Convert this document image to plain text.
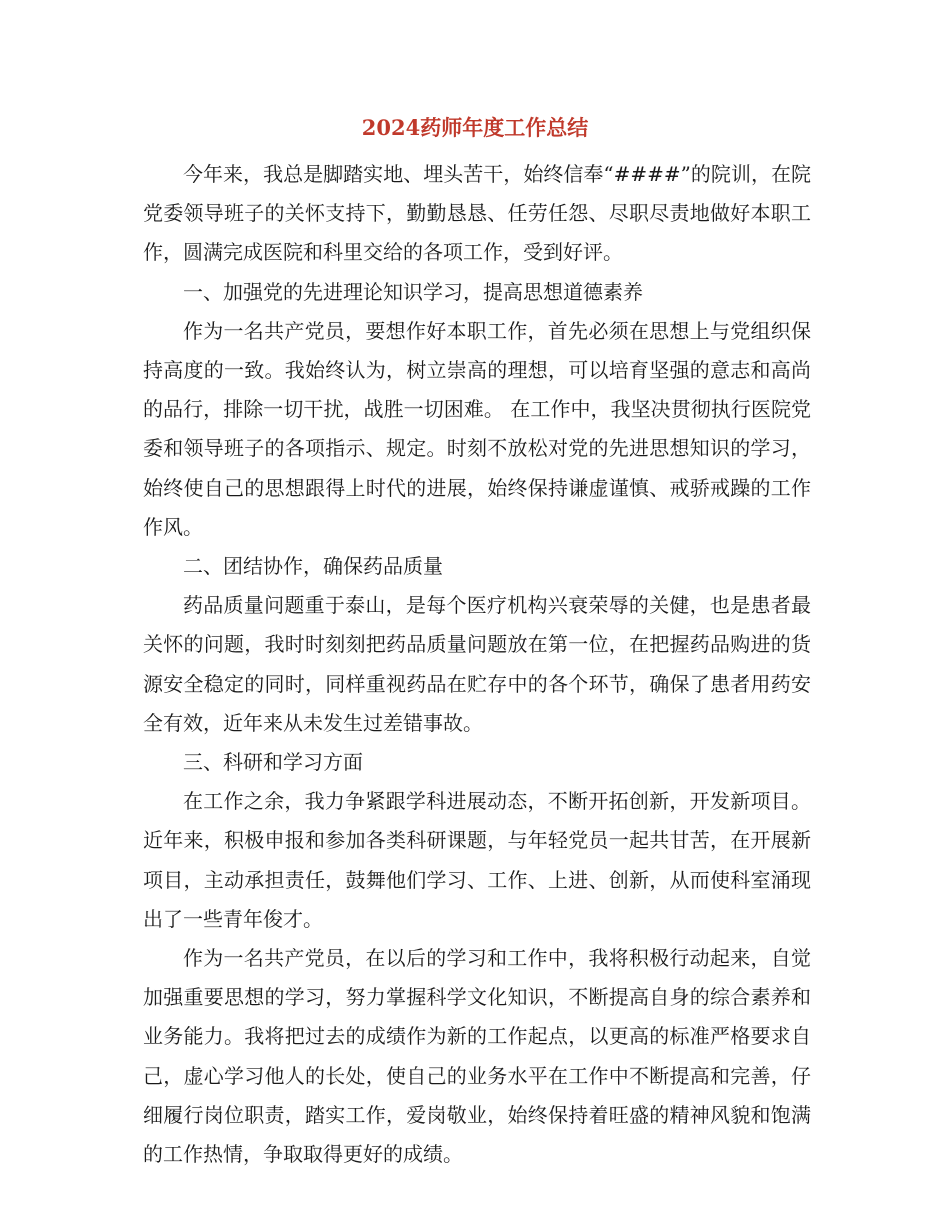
2024药师年度工作总结

今年来，我总是脚踏实地、埋头苦干，始终信奉“####”的院训，在院党委领导班子的关怀支持下，勤勤恳恳、任劳任怨、尽职尽责地做好本职工作，圆满完成医院和科里交给的各项工作，受到好评。

一、加强党的先进理论知识学习，提高思想道德素养

作为一名共产党员，要想作好本职工作，首先必须在思想上与党组织保持高度的一致。我始终认为，树立崇高的理想，可以培育坚强的意志和高尚的品行，排除一切干扰，战胜一切困难。 在工作中，我坚决贯彻执行医院党委和领导班子的各项指示、规定。时刻不放松对党的先进思想知识的学习，始终使自己的思想跟得上时代的进展，始终保持谦虚谨慎、戒骄戒躁的工作作风。

二、团结协作，确保药品质量

药品质量问题重于泰山，是每个医疗机构兴衰荣辱的关健，也是患者最关怀的问题，我时时刻刻把药品质量问题放在第一位，在把握药品购进的货源安全稳定的同时，同样重视药品在贮存中的各个环节，确保了患者用药安全有效，近年来从未发生过差错事故。

三、科研和学习方面

在工作之余，我力争紧跟学科进展动态，不断开拓创新，开发新项目。近年来，积极申报和参加各类科研课题，与年轻党员一起共甘苦，在开展新项目，主动承担责任，鼓舞他们学习、工作、上进、创新，从而使科室涌现出了一些青年俊才。

作为一名共产党员，在以后的学习和工作中，我将积极行动起来，自觉加强重要思想的学习，努力掌握科学文化知识，不断提高自身的综合素养和业务能力。我将把过去的成绩作为新的工作起点，以更高的标准严格要求自己，虚心学习他人的长处，使自己的业务水平在工作中不断提高和完善，仔细履行岗位职责，踏实工作，爱岗敬业，始终保持着旺盛的精神风貌和饱满的工作热情，争取取得更好的成绩。
